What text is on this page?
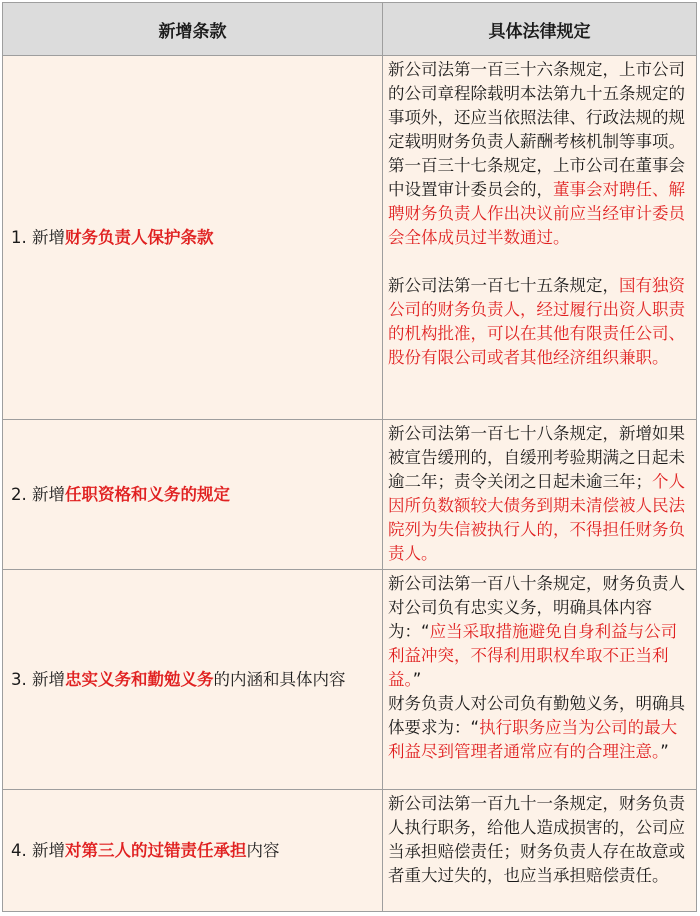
新增条款	具体法律规定
1. 新增财务负责人保护条款	新公司法第一百三十六条规定，上市公司的公司章程除载明本法第九十五条规定的事项外，还应当依照法律、行政法规的规定载明财务负责人薪酬考核机制等事项。第一百三十七条规定，上市公司在董事会中设置审计委员会的，董事会对聘任、解聘财务负责人作出决议前应当经审计委员会全体成员过半数通过。
新公司法第一百七十五条规定，国有独资公司的财务负责人，经过履行出资人职责的机构批准，可以在其他有限责任公司、股份有限公司或者其他经济组织兼职。

2. 新增任职资格和义务的规定	新公司法第一百七十八条规定，新增如果被宣告缓刑的，自缓刑考验期满之日起未逾二年；责令关闭之日起未逾三年；个人因所负数额较大债务到期未清偿被人民法院列为失信被执行人的，不得担任财务负责人。

3. 新增忠实义务和勤勉义务的内涵和具体内容	新公司法第一百八十条规定，财务负责人对公司负有忠实义务，明确具体内容为：“应当采取措施避免自身利益与公司利益冲突，不得利用职权牟取不正当利益。”
财务负责人对公司负有勤勉义务，明确具体要求为：“执行职务应当为公司的最大利益尽到管理者通常应有的合理注意。”

4. 新增对第三人的过错责任承担内容	新公司法第一百九十一条规定，财务负责人执行职务，给他人造成损害的，公司应当承担赔偿责任；财务负责人存在故意或者重大过失的，也应当承担赔偿责任。
